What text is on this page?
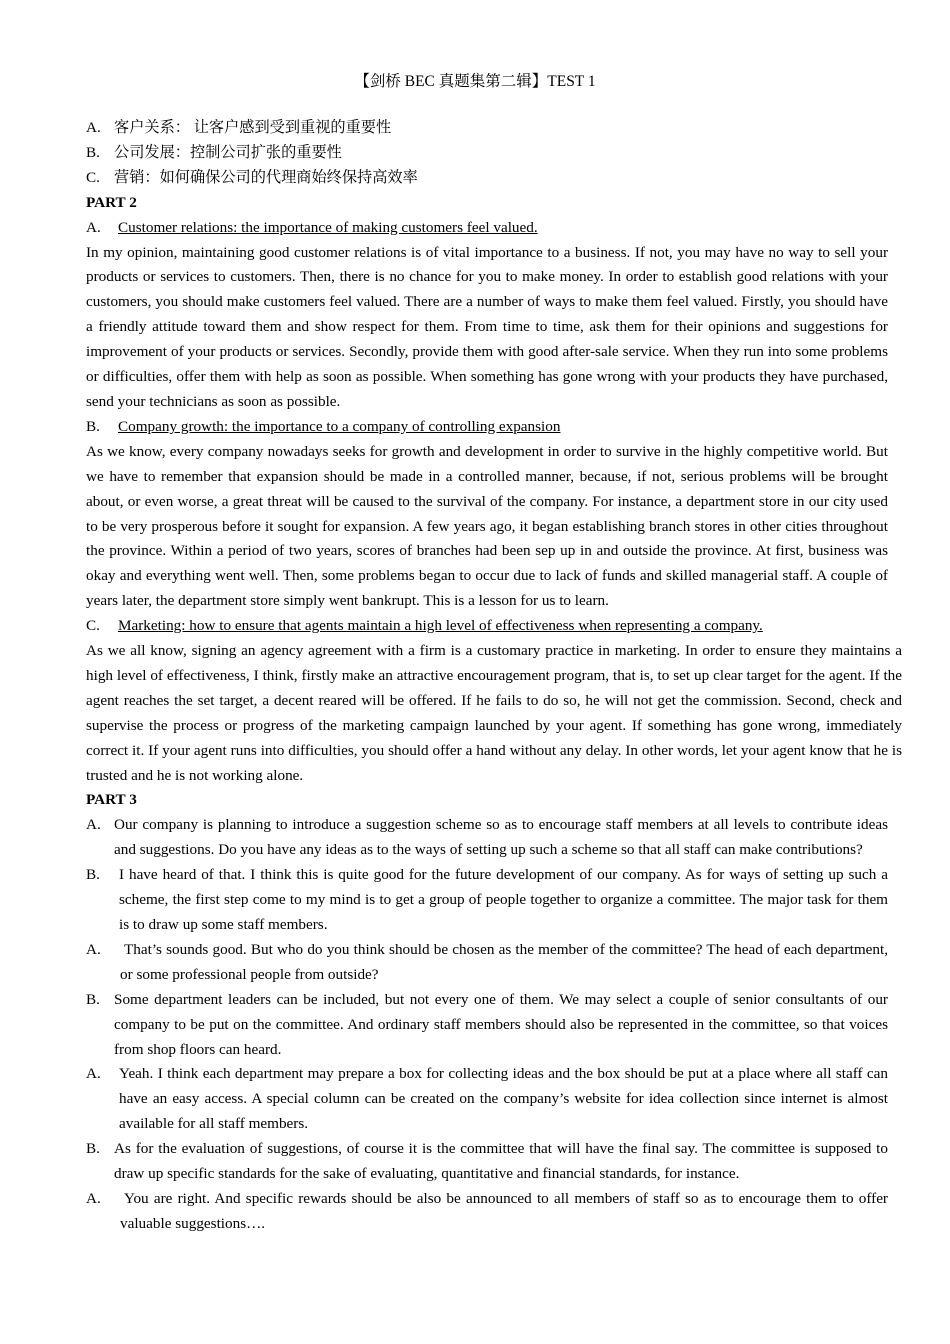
【剑桥 BEC 真题集第二辑】TEST 1

A. 客户关系： 让客户感到受到重视的重要性

B. 公司发展：控制公司扩张的重要性

C. 营销：如何确保公司的代理商始终保持高效率

PART 2

A. Customer relations: the importance of making customers feel valued.

In my opinion, maintaining good customer relations is of vital importance to a business. If not, you may have no way to sell your products or services to customers. Then, there is no chance for you to make money. In order to establish good relations with your customers, you should make customers feel valued. There are a number of ways to make them feel valued. Firstly, you should have a friendly attitude toward them and show respect for them. From time to time, ask them for their opinions and suggestions for improvement of your products or services. Secondly, provide them with good after-sale service. When they run into some problems or difficulties, offer them with help as soon as possible. When something has gone wrong with your products they have purchased, send your technicians as soon as possible.

B. Company growth: the importance to a company of controlling expansion

As we know, every company nowadays seeks for growth and development in order to survive in the highly competitive world. But we have to remember that expansion should be made in a controlled manner, because, if not, serious problems will be brought about, or even worse, a great threat will be caused to the survival of the company. For instance, a department store in our city used to be very prosperous before it sought for expansion. A few years ago, it began establishing branch stores in other cities throughout the province. Within a period of two years, scores of branches had been sep up in and outside the province. At first, business was okay and everything went well. Then, some problems began to occur due to lack of funds and skilled managerial staff. A couple of years later, the department store simply went bankrupt. This is a lesson for us to learn.

C. Marketing: how to ensure that agents maintain a high level of effectiveness when representing a company.

As we all know, signing an agency agreement with a firm is a customary practice in marketing. In order to ensure they maintains a high level of effectiveness, I think, firstly make an attractive encouragement program, that is, to set up clear target for the agent. If the agent reaches the set target, a decent reared will be offered. If he fails to do so, he will not get the commission. Second, check and supervise the process or progress of the marketing campaign launched by your agent. If something has gone wrong, immediately correct it. If your agent runs into difficulties, you should offer a hand without any delay. In other words, let your agent know that he is trusted and he is not working alone.

PART 3

A. Our company is planning to introduce a suggestion scheme so as to encourage staff members at all levels to contribute ideas and suggestions. Do you have any ideas as to the ways of setting up such a scheme so that all staff can make contributions?
B.	I have heard of that. I think this is quite good for the future development of our company. As for ways of setting up such a scheme, the first step come to my mind is to get a group of people together to organize a committee. The major task for them is to draw up some staff members.
A.	That’s sounds good. But who do you think should be chosen as the member of the committee? The head of each department, or some professional people from outside?
B. Some department leaders can be included, but not every one of them. We may select a couple of senior consultants of our company to be put on the committee. And ordinary staff members should also be represented in the committee, so that voices from shop floors can heard.
A.	Yeah. I think each department may prepare a box for collecting ideas and the box should be put at a place where all staff can have an easy access. A special column can be created on the company’s website for idea collection since internet is almost available for all staff members.
B. As for the evaluation of suggestions, of course it is the committee that will have the final say. The committee is supposed to draw up specific standards for the sake of evaluating, quantitative and financial standards, for instance.
A.	You are right. And specific rewards should be also be announced to all members of staff so as to encourage them to offer valuable suggestions….
